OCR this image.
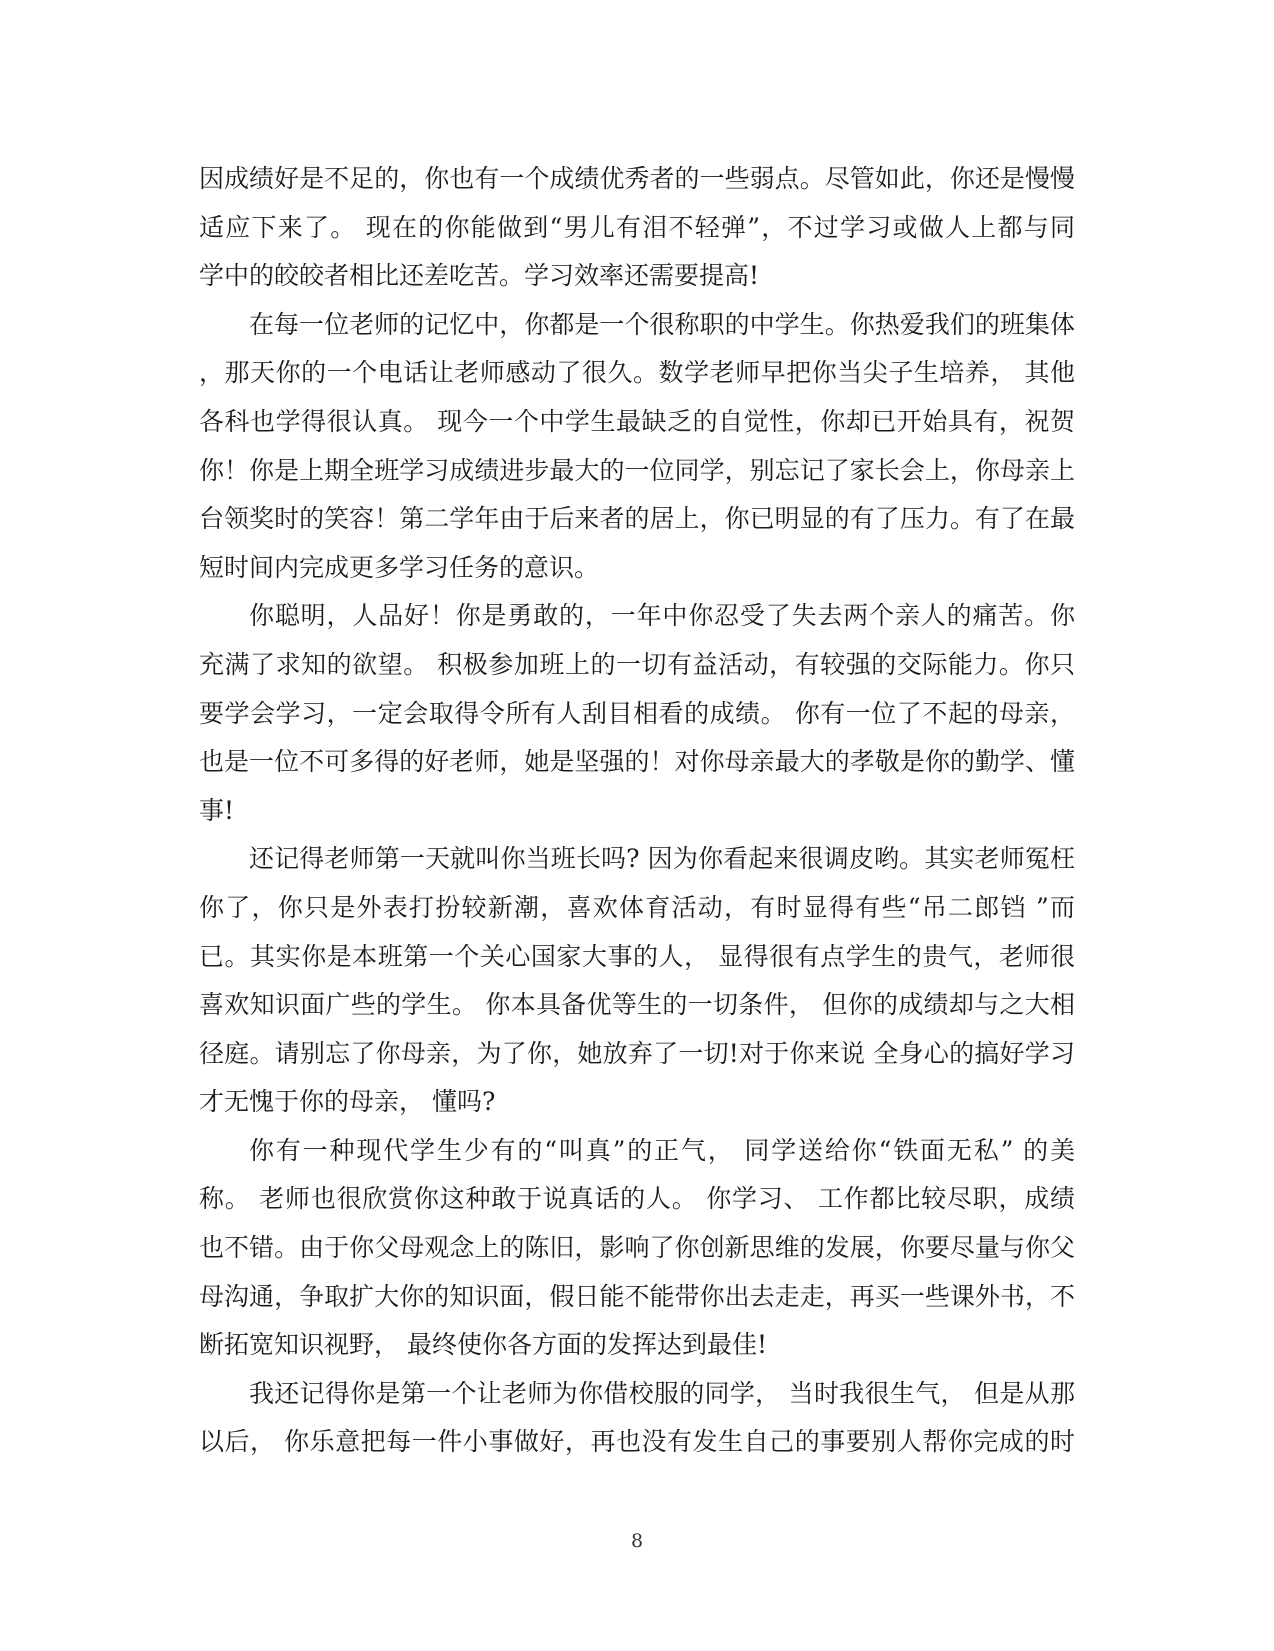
因成绩好是不足的，你也有一个成绩优秀者的一些弱点。尽管如此，你还是慢慢
适应下来了。 现在的你能做到“男儿有泪不轻弹”，不过学习或做人上都与同
学中的皎皎者相比还差吃苦。学习效率还需要提高!
在每一位老师的记忆中，你都是一个很称职的中学生。你热爱我们的班集体
，那天你的一个电话让老师感动了很久。数学老师早把你当尖子生培养， 其他
各科也学得很认真。 现今一个中学生最缺乏的自觉性，你却已开始具有，祝贺
你！你是上期全班学习成绩进步最大的一位同学，别忘记了家长会上，你母亲上
台领奖时的笑容！第二学年由于后来者的居上，你已明显的有了压力。有了在最
短时间内完成更多学习任务的意识。
你聪明，人品好！你是勇敢的，一年中你忍受了失去两个亲人的痛苦。你
充满了求知的欲望。 积极参加班上的一切有益活动，有较强的交际能力。你只
要学会学习，一定会取得令所有人刮目相看的成绩。 你有一位了不起的母亲，
也是一位不可多得的好老师，她是坚强的！对你母亲最大的孝敬是你的勤学、懂
事!
还记得老师第一天就叫你当班长吗? 因为你看起来很调皮哟。其实老师冤枉
你了，你只是外表打扮较新潮，喜欢体育活动，有时显得有些“吊二郎铛 ”而
已。其实你是本班第一个关心国家大事的人， 显得很有点学生的贵气，老师很
喜欢知识面广些的学生。 你本具备优等生的一切条件， 但你的成绩却与之大相
径庭。请别忘了你母亲，为了你，她放弃了一切!对于你来说 全身心的搞好学习
才无愧于你的母亲， 懂吗?
你有一种现代学生少有的“叫真”的正气， 同学送给你“铁面无私” 的美
称。 老师也很欣赏你这种敢于说真话的人。 你学习、 工作都比较尽职，成绩
也不错。由于你父母观念上的陈旧，影响了你创新思维的发展，你要尽量与你父
母沟通，争取扩大你的知识面，假日能不能带你出去走走，再买一些课外书，不
断拓宽知识视野， 最终使你各方面的发挥达到最佳!
我还记得你是第一个让老师为你借校服的同学， 当时我很生气， 但是从那
以后， 你乐意把每一件小事做好，再也没有发生自己的事要别人帮你完成的时
8
